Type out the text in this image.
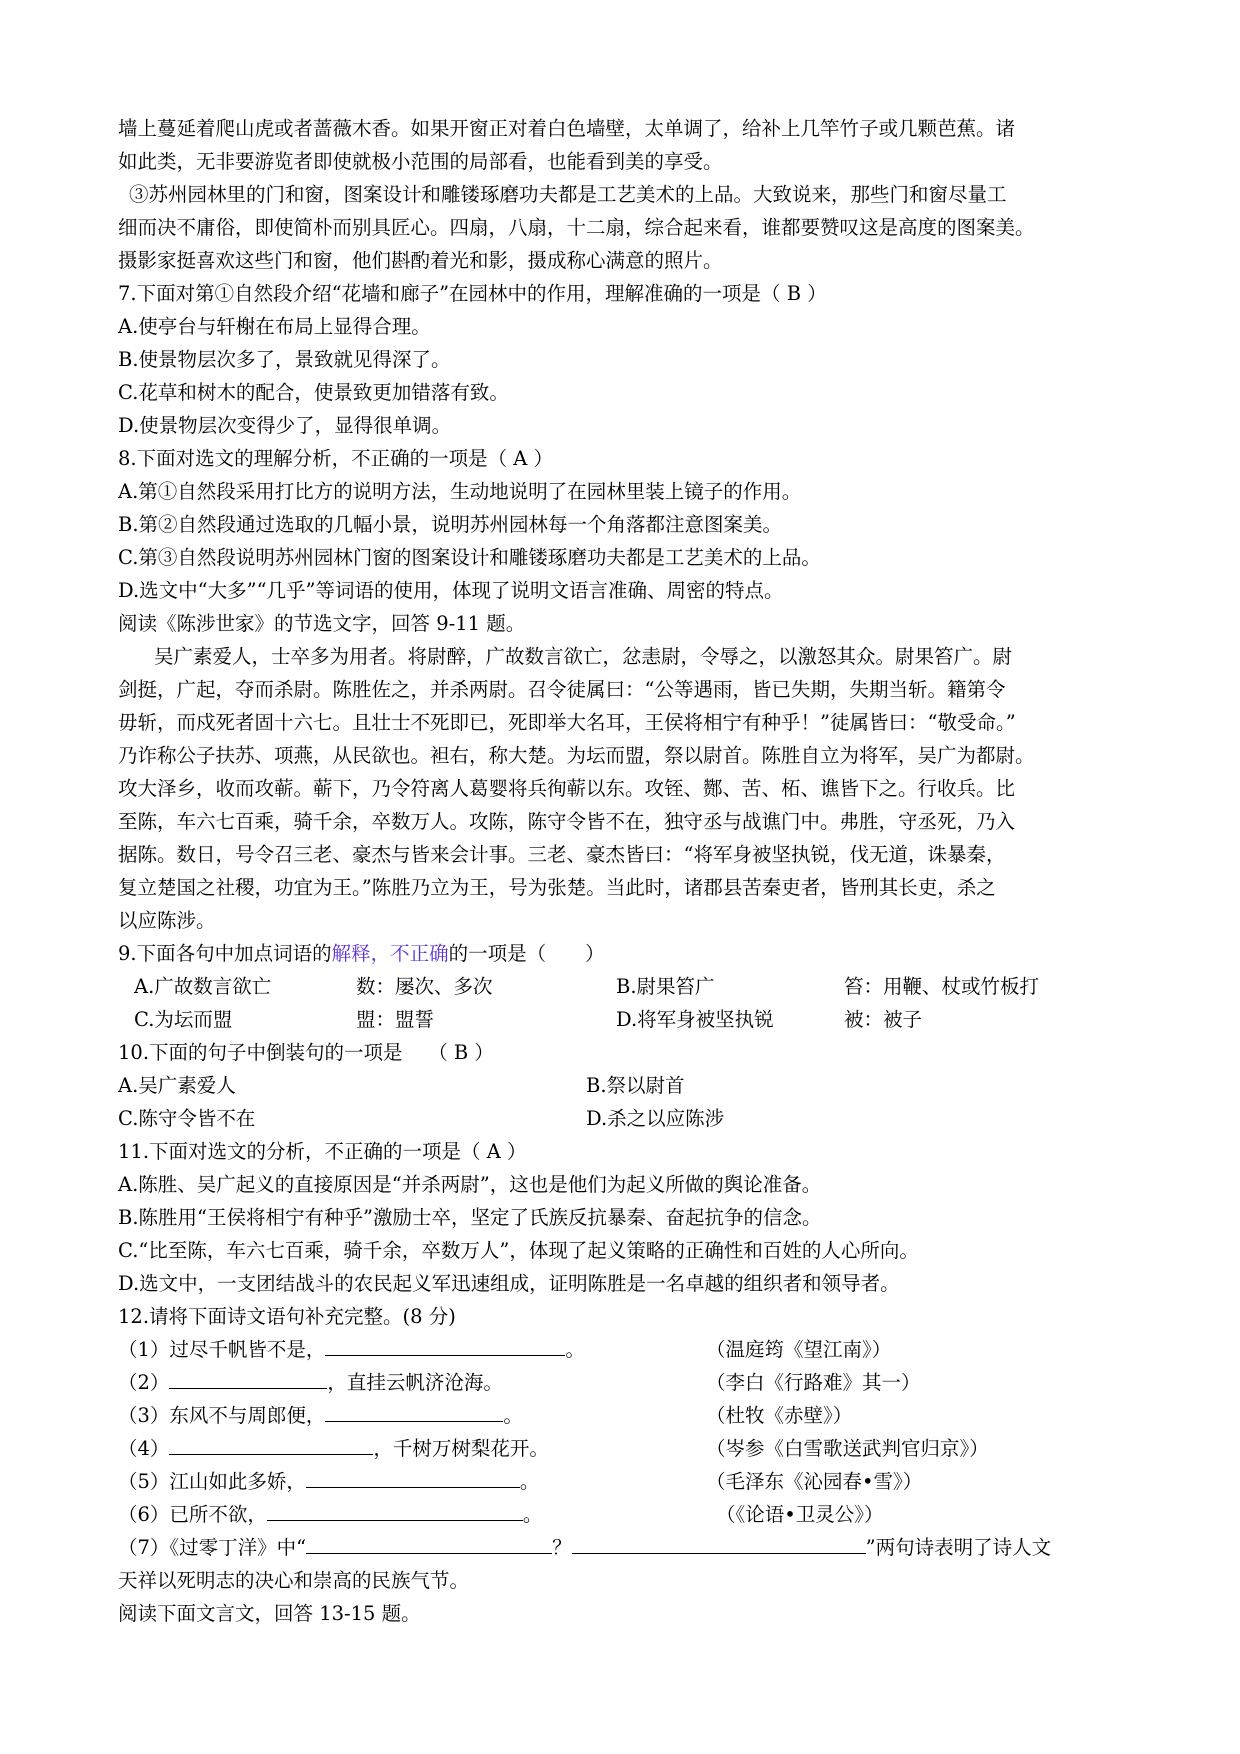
墙上蔓延着爬山虎或者蔷薇木香。如果开窗正对着白色墙壁，太单调了，给补上几竿竹子或几颗芭蕉。诸
如此类，无非要游览者即使就极小范围的局部看，也能看到美的享受。
③苏州园林里的门和窗，图案设计和雕镂琢磨功夫都是工艺美术的上品。大致说来，那些门和窗尽量工
细而决不庸俗，即使简朴而别具匠心。四扇，八扇，十二扇，综合起来看，谁都要赞叹这是高度的图案美。
摄影家挺喜欢这些门和窗，他们斟酌着光和影，摄成称心满意的照片。
7.下面对第①自然段介绍“花墙和廊子”在园林中的作用，理解准确的一项是（ B ）
A.使亭台与轩榭在布局上显得合理。
B.使景物层次多了，景致就见得深了。
C.花草和树木的配合，使景致更加错落有致。
D.使景物层次变得少了，显得很单调。
8.下面对选文的理解分析，不正确的一项是（ A ）
A.第①自然段采用打比方的说明方法，生动地说明了在园林里装上镜子的作用。
B.第②自然段通过选取的几幅小景，说明苏州园林每一个角落都注意图案美。
C.第③自然段说明苏州园林门窗的图案设计和雕镂琢磨功夫都是工艺美术的上品。
D.选文中“大多”“几乎”等词语的使用，体现了说明文语言准确、周密的特点。
阅读《陈涉世家》的节选文字，回答 9-11 题。
吴广素爱人，士卒多为用者。将尉醉，广故数言欲亡，忿恚尉，令辱之，以激怒其众。尉果笞广。尉
剑挺，广起，夺而杀尉。陈胜佐之，并杀两尉。召令徒属曰：“公等遇雨，皆已失期，失期当斩。籍第令
毋斩，而戍死者固十六七。且壮士不死即已，死即举大名耳，王侯将相宁有种乎！”徒属皆曰：“敬受命。”
乃诈称公子扶苏、项燕，从民欲也。袒右，称大楚。为坛而盟，祭以尉首。陈胜自立为将军，吴广为都尉。
攻大泽乡，收而攻蕲。蕲下，乃令符离人葛婴将兵徇蕲以东。攻铚、酂、苦、柘、谯皆下之。行收兵。比
至陈，车六七百乘，骑千余，卒数万人。攻陈，陈守令皆不在，独守丞与战谯门中。弗胜，守丞死，乃入
据陈。数日，号令召三老、豪杰与皆来会计事。三老、豪杰皆曰：“将军身被坚执锐，伐无道，诛暴秦，
复立楚国之社稷，功宜为王。”陈胜乃立为王，号为张楚。当此时，诸郡县苦秦吏者，皆刑其长吏，杀之
以应陈涉。
9.下面各句中加点词语的解释，不正确的一项是（　　）
A.广故数言欲亡	数：屡次、多次	B.尉果笞广	笞：用鞭、杖或竹板打
C.为坛而盟	盟：盟誓	D.将军身被坚执锐	被：被子
10.下面的句子中倒装句的一项是　 （ B ）
A.吴广素爱人	B.祭以尉首
C.陈守令皆不在	D.杀之以应陈涉
11.下面对选文的分析，不正确的一项是（ A ）
A.陈胜、吴广起义的直接原因是“并杀两尉”，这也是他们为起义所做的舆论准备。
B.陈胜用“王侯将相宁有种乎”激励士卒，坚定了氏族反抗暴秦、奋起抗争的信念。
C.“比至陈，车六七百乘，骑千余，卒数万人”，体现了起义策略的正确性和百姓的人心所向。
D.选文中，一支团结战斗的农民起义军迅速组成，证明陈胜是一名卓越的组织者和领导者。
12.请将下面诗文语句补充完整。(8 分)
（1）过尽千帆皆不是，	。	（温庭筠《望江南》）
（2）	，直挂云帆济沧海。	（李白《行路难》其一）
（3）东风不与周郎便，	。	（杜牧《赤壁》）
（4）	，千树万树梨花开。	（岑参《白雪歌送武判官归京》）
（5）江山如此多娇，	。	（毛泽东《沁园春•雪》）
（6）已所不欲，	。	（《论语•卫灵公》）
（7）《过零丁洋》中“	？	”两句诗表明了诗人文
天祥以死明志的决心和崇高的民族气节。
阅读下面文言文，回答 13-15 题。
